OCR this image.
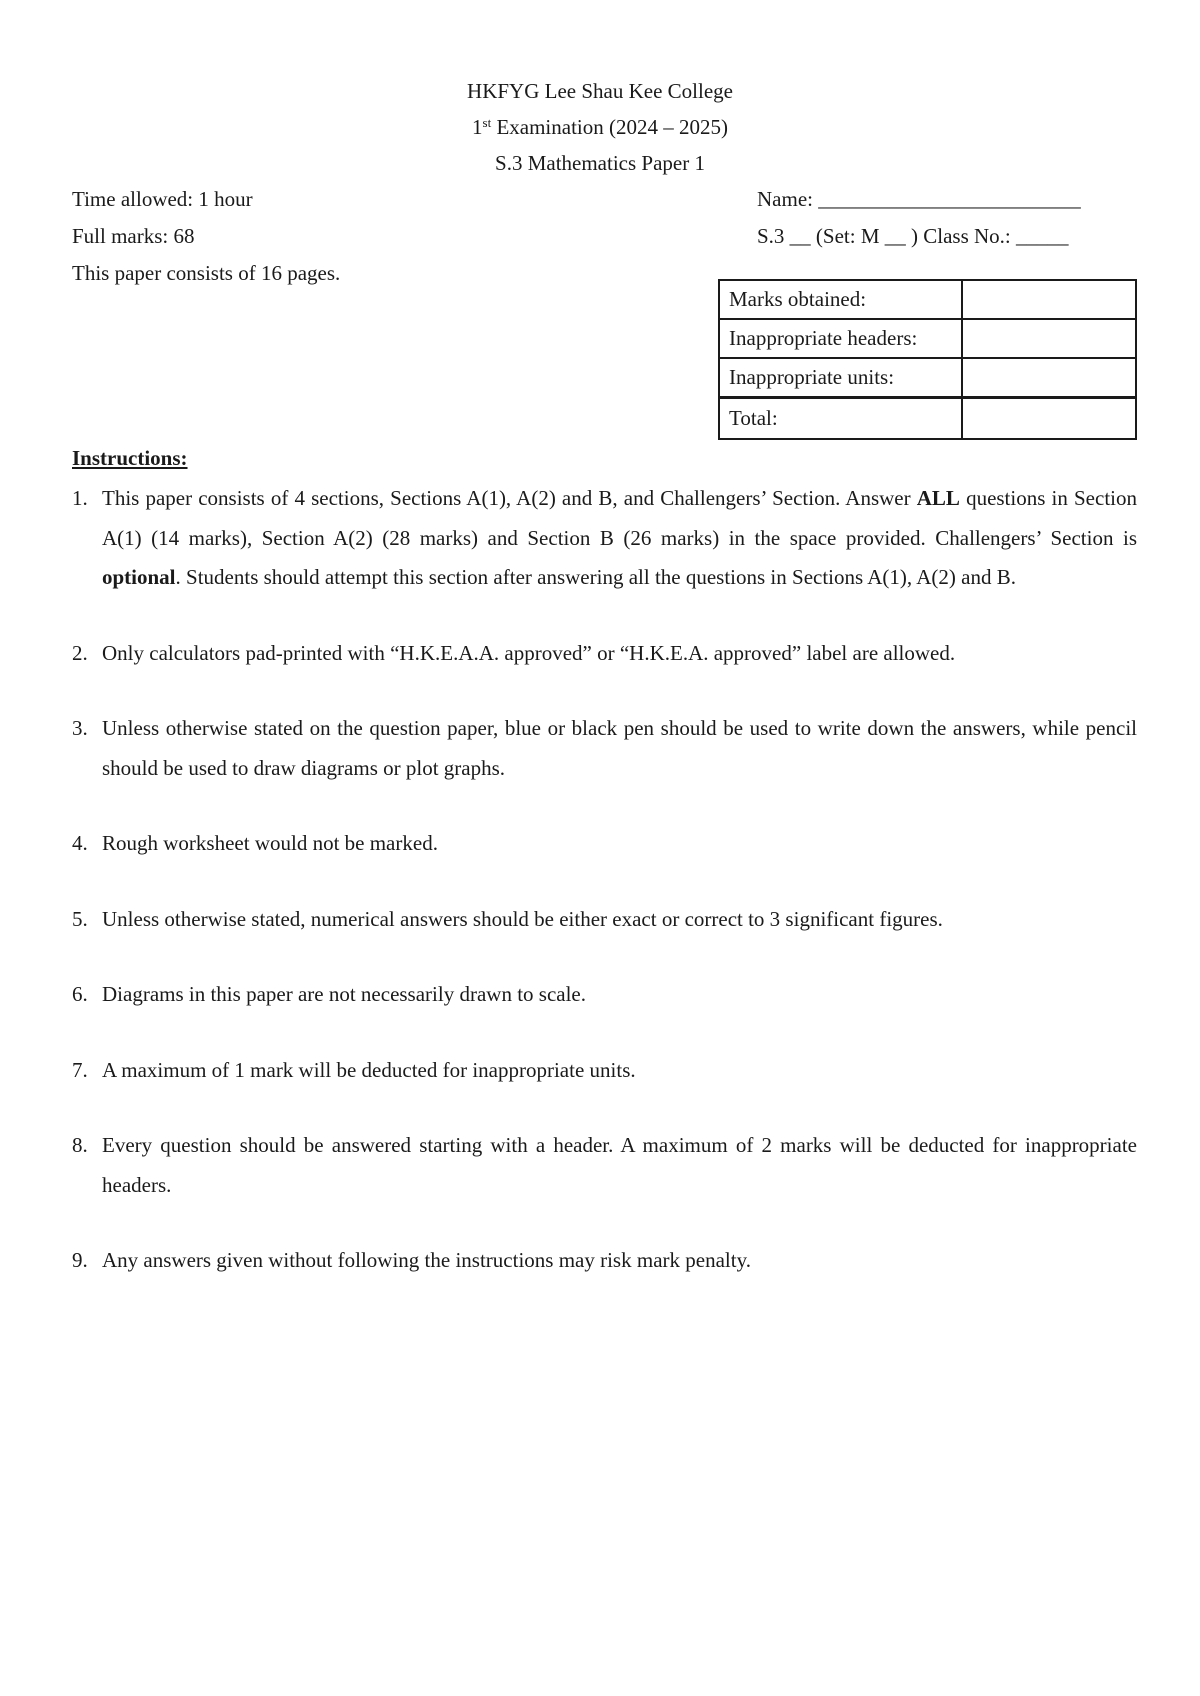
HKFYG Lee Shau Kee College
1st Examination (2024 – 2025)
S.3 Mathematics Paper 1
Time allowed: 1 hour
Full marks: 68
This paper consists of 16 pages.
Name: _________________________
S.3 __ (Set: M __ ) Class No.: _____
Marks obtained:	
Inappropriate headers:	
Inappropriate units:	
Total:	
Instructions:
1. This paper consists of 4 sections, Sections A(1), A(2) and B, and Challengers’ Section. Answer ALL questions in Section A(1) (14 marks), Section A(2) (28 marks) and Section B (26 marks) in the space provided. Challengers’ Section is optional. Students should attempt this section after answering all the questions in Sections A(1), A(2) and B.
2. Only calculators pad-printed with “H.K.E.A.A. approved” or “H.K.E.A. approved” label are allowed.
3. Unless otherwise stated on the question paper, blue or black pen should be used to write down the answers, while pencil should be used to draw diagrams or plot graphs.
4. Rough worksheet would not be marked.
5. Unless otherwise stated, numerical answers should be either exact or correct to 3 significant figures.
6. Diagrams in this paper are not necessarily drawn to scale.
7. A maximum of 1 mark will be deducted for inappropriate units.
8. Every question should be answered starting with a header. A maximum of 2 marks will be deducted for inappropriate headers.
9. Any answers given without following the instructions may risk mark penalty.
